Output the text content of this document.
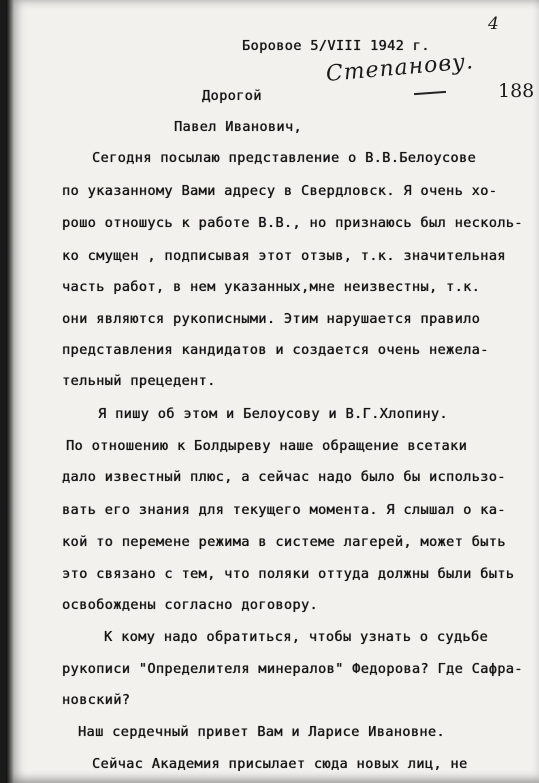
4
Степанову.
188
Боровое 5/VIII 1942 г.
Дорогой
Павел Иванович,
Сегодня посылаю представление о В.В.Белоусове
по указанному Вами адресу в Свердловск. Я очень хо-
рошо отношусь к работе В.В., но признаюсь был несколь-
ко смущен , подписывая этот отзыв, т.к. значительная
часть работ, в нем указанных,мне неизвестны, т.к.
они являются рукописными. Этим нарушается правило
представления кандидатов и создается очень нежела-
тельный прецедент.
Я пишу об этом и Белоусову и В.Г.Хлопину.
По отношению к Болдыреву наше обращение всетаки
дало известный плюс, а сейчас надо было бы использо-
вать его знания для текущего момента. Я слышал о ка-
кой то перемене режима в системе лагерей, может быть
это связано с тем, что поляки оттуда должны были быть
освобождены согласно договору.
К кому надо обратиться, чтобы узнать о судьбе
рукописи "Определителя минералов" Федорова? Где Сафра-
новский?
Наш сердечный привет Вам и Ларисе Ивановне.
Сейчас Академия присылает сюда новых лиц, не
